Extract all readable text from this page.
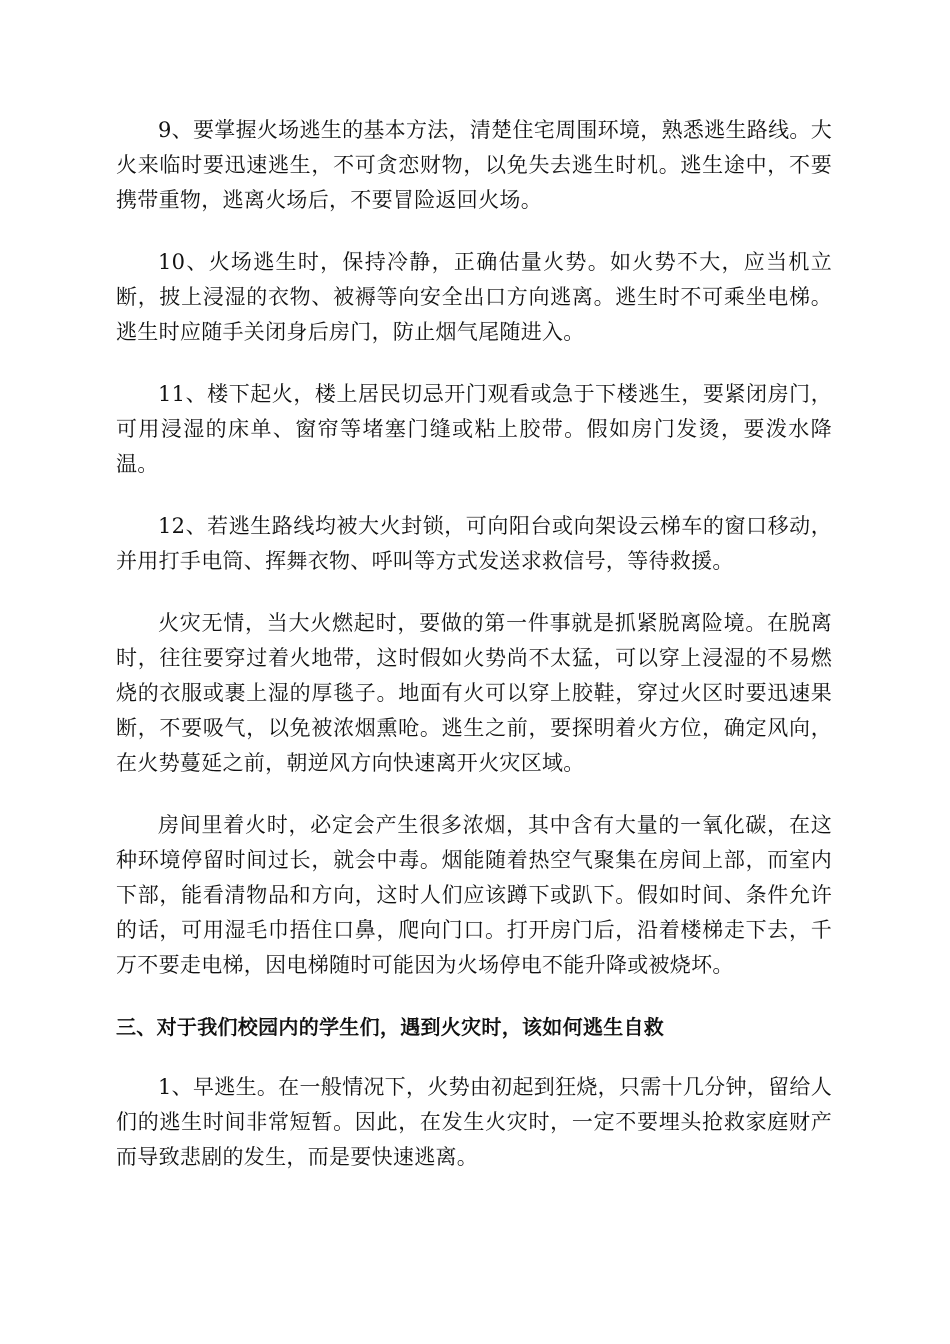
9、要掌握火场逃生的基本方法，清楚住宅周围环境，熟悉逃生路线。大火来临时要迅速逃生，不可贪恋财物，以免失去逃生时机。逃生途中，不要携带重物，逃离火场后，不要冒险返回火场。

10、火场逃生时，保持冷静，正确估量火势。如火势不大，应当机立断，披上浸湿的衣物、被褥等向安全出口方向逃离。逃生时不可乘坐电梯。逃生时应随手关闭身后房门，防止烟气尾随进入。

11、楼下起火，楼上居民切忌开门观看或急于下楼逃生，要紧闭房门，可用浸湿的床单、窗帘等堵塞门缝或粘上胶带。假如房门发烫，要泼水降温。

12、若逃生路线均被大火封锁，可向阳台或向架设云梯车的窗口移动，并用打手电筒、挥舞衣物、呼叫等方式发送求救信号，等待救援。

火灾无情，当大火燃起时，要做的第一件事就是抓紧脱离险境。在脱离时，往往要穿过着火地带，这时假如火势尚不太猛，可以穿上浸湿的不易燃烧的衣服或裹上湿的厚毯子。地面有火可以穿上胶鞋，穿过火区时要迅速果断，不要吸气，以免被浓烟熏呛。逃生之前，要探明着火方位，确定风向，在火势蔓延之前，朝逆风方向快速离开火灾区域。

房间里着火时，必定会产生很多浓烟，其中含有大量的一氧化碳，在这种环境停留时间过长，就会中毒。烟能随着热空气聚集在房间上部，而室内下部，能看清物品和方向，这时人们应该蹲下或趴下。假如时间、条件允许的话，可用湿毛巾捂住口鼻，爬向门口。打开房门后，沿着楼梯走下去，千万不要走电梯，因电梯随时可能因为火场停电不能升降或被烧坏。

三、对于我们校园内的学生们，遇到火灾时，该如何逃生自救

1、早逃生。在一般情况下，火势由初起到狂烧，只需十几分钟，留给人们的逃生时间非常短暂。因此，在发生火灾时，一定不要埋头抢救家庭财产而导致悲剧的发生，而是要快速逃离。
